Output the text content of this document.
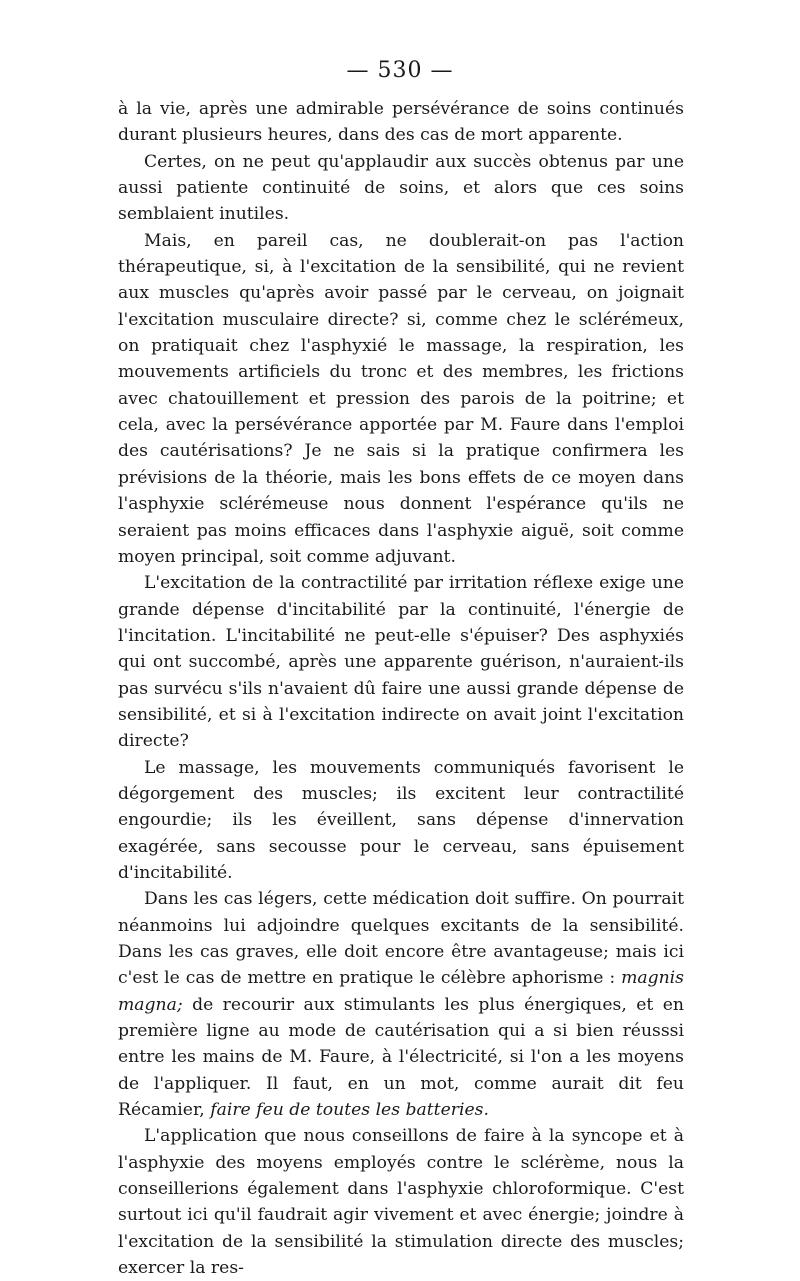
— 530 —

à la vie, après une admirable persévérance de soins continués durant plusieurs heures, dans des cas de mort apparente.

Certes, on ne peut qu'applaudir aux succès obtenus par une aussi patiente continuité de soins, et alors que ces soins semblaient inutiles.

Mais, en pareil cas, ne doublerait-on pas l'action thérapeutique, si, à l'excitation de la sensibilité, qui ne revient aux muscles qu'après avoir passé par le cerveau, on joignait l'excitation musculaire directe? si, comme chez le sclérémeux, on pratiquait chez l'asphyxié le massage, la respiration, les mouvements artificiels du tronc et des membres, les frictions avec chatouillement et pression des parois de la poitrine; et cela, avec la persévérance apportée par M. Faure dans l'emploi des cautérisations? Je ne sais si la pratique confirmera les prévisions de la théorie, mais les bons effets de ce moyen dans l'asphyxie sclérémeuse nous donnent l'espérance qu'ils ne seraient pas moins efficaces dans l'asphyxie aiguë, soit comme moyen principal, soit comme adjuvant.

L'excitation de la contractilité par irritation réflexe exige une grande dépense d'incitabilité par la continuité, l'énergie de l'incitation. L'incitabilité ne peut-elle s'épuiser? Des asphyxiés qui ont succombé, après une apparente guérison, n'auraient-ils pas survécu s'ils n'avaient dû faire une aussi grande dépense de sensibilité, et si à l'excitation indirecte on avait joint l'excitation directe?

Le massage, les mouvements communiqués favorisent le dégorgement des muscles; ils excitent leur contractilité engourdie; ils les éveillent, sans dépense d'innervation exagérée, sans secousse pour le cerveau, sans épuisement d'incitabilité.

Dans les cas légers, cette médication doit suffire. On pourrait néanmoins lui adjoindre quelques excitants de la sensibilité. Dans les cas graves, elle doit encore être avantageuse; mais ici c'est le cas de mettre en pratique le célèbre aphorisme : magnis magna; de recourir aux stimulants les plus énergiques, et en première ligne au mode de cautérisation qui a si bien réusssi entre les mains de M. Faure, à l'électricité, si l'on a les moyens de l'appliquer. Il faut, en un mot, comme aurait dit feu Récamier, faire feu de toutes les batteries.

L'application que nous conseillons de faire à la syncope et à l'asphyxie des moyens employés contre le sclérème, nous la conseillerions également dans l'asphyxie chloroformique. C'est surtout ici qu'il faudrait agir vivement et avec énergie; joindre à l'excitation de la sensibilité la stimulation directe des muscles; exercer la res-
